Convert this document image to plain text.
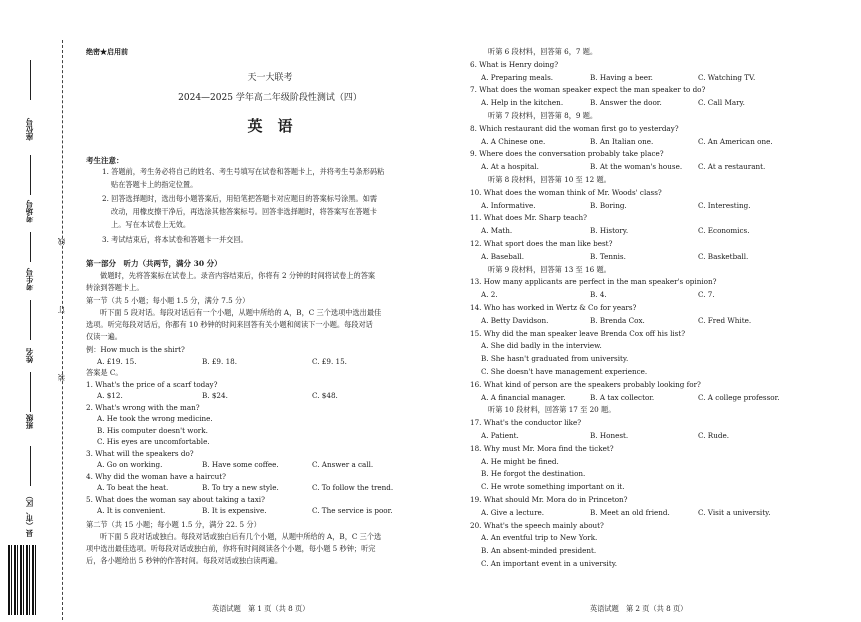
座位号
考场号
考生号
姓名
班级
县（市、区）
线
订
装
绝密★启用前
天一大联考
2024—2025 学年高二年级阶段性测试（四）
英　语
考生注意：
1. 答题前，考生务必将自己的姓名、考生号填写在试卷和答题卡上，并将考生号条形码粘
贴在答题卡上的指定位置。
2. 回答选择题时，选出每小题答案后，用铅笔把答题卡对应题目的答案标号涂黑。如需
改动，用橡皮擦干净后，再选涂其他答案标号。回答非选择题时，将答案写在答题卡
上。写在本试卷上无效。
3. 考试结束后，将本试卷和答题卡一并交回。
第一部分　听力（共两节，满分 30 分）
做题时，先将答案标在试卷上。录音内容结束后，你将有 2 分钟的时间将试卷上的答案
转涂到答题卡上。
第一节（共 5 小题；每小题 1.5 分，满分 7.5 分）
听下面 5 段对话。每段对话后有一个小题，从题中所给的 A，B，C 三个选项中选出最佳
选项。听完每段对话后，你都有 10 秒钟的时间来回答有关小题和阅读下一小题。每段对话
仅读一遍。
例：How much is the shirt?
A. £19. 15.	B. £9. 18.	C. £9. 15.
答案是 C。
1. What's the price of a scarf today?
A. $12.	B. $24.	C. $48.
2. What's wrong with the man?
A. He took the wrong medicine.
B. His computer doesn't work.
C. His eyes are uncomfortable.
3. What will the speakers do?
A. Go on working.	B. Have some coffee.	C. Answer a call.
4. Why did the woman have a haircut?
A. To beat the heat.	B. To try a new style.	C. To follow the trend.
5. What does the woman say about taking a taxi?
A. It is convenient.	B. It is expensive.	C. The service is poor.
第二节（共 15 小题；每小题 1.5 分，满分 22. 5 分）
听下面 5 段对话或独白。每段对话或独白后有几个小题，从题中所给的 A，B，C 三个选
项中选出最佳选项。听每段对话或独白前，你将有时间阅读各个小题，每小题 5 秒钟；听完
后，各小题给出 5 秒钟的作答时间。每段对话或独白读两遍。
英语试题　第 1 页（共 8 页）
听第 6 段材料，回答第 6，7 题。
6. What is Henry doing?
A. Preparing meals.	B. Having a beer.	C. Watching TV.
7. What does the woman speaker expect the man speaker to do?
A. Help in the kitchen.	B. Answer the door.	C. Call Mary.
听第 7 段材料，回答第 8，9 题。
8. Which restaurant did the woman first go to yesterday?
A. A Chinese one.	B. An Italian one.	C. An American one.
9. Where does the conversation probably take place?
A. At a hospital.	B. At the woman's house. C. At a restaurant.
听第 8 段材料，回答第 10 至 12 题。
10. What does the woman think of Mr. Woods' class?
A. Informative.	B. Boring.	C. Interesting.
11. What does Mr. Sharp teach?
A. Math.	B. History.	C. Economics.
12. What sport does the man like best?
A. Baseball.	B. Tennis.	C. Basketball.
听第 9 段材料，回答第 13 至 16 题。
13. How many applicants are perfect in the man speaker's opinion?
A. 2.	B. 4.	C. 7.
14. Who has worked in Wertz & Co for years?
A. Betty Davidson.	B. Brenda Cox.	C. Fred White.
15. Why did the man speaker leave Brenda Cox off his list?
A. She did badly in the interview.
B. She hasn't graduated from university.
C. She doesn't have management experience.
16. What kind of person are the speakers probably looking for?
A. A financial manager.	B. A tax collector.	C. A college professor.
听第 10 段材料，回答第 17 至 20 题。
17. What's the conductor like?
A. Patient.	B. Honest.	C. Rude.
18. Why must Mr. Mora find the ticket?
A. He might be fined.
B. He forgot the destination.
C. He wrote something important on it.
19. What should Mr. Mora do in Princeton?
A. Give a lecture.	B. Meet an old friend.	C. Visit a university.
20. What's the speech mainly about?
A. An eventful trip to New York.
B. An absent-minded president.
C. An important event in a university.
英语试题　第 2 页（共 8 页）
